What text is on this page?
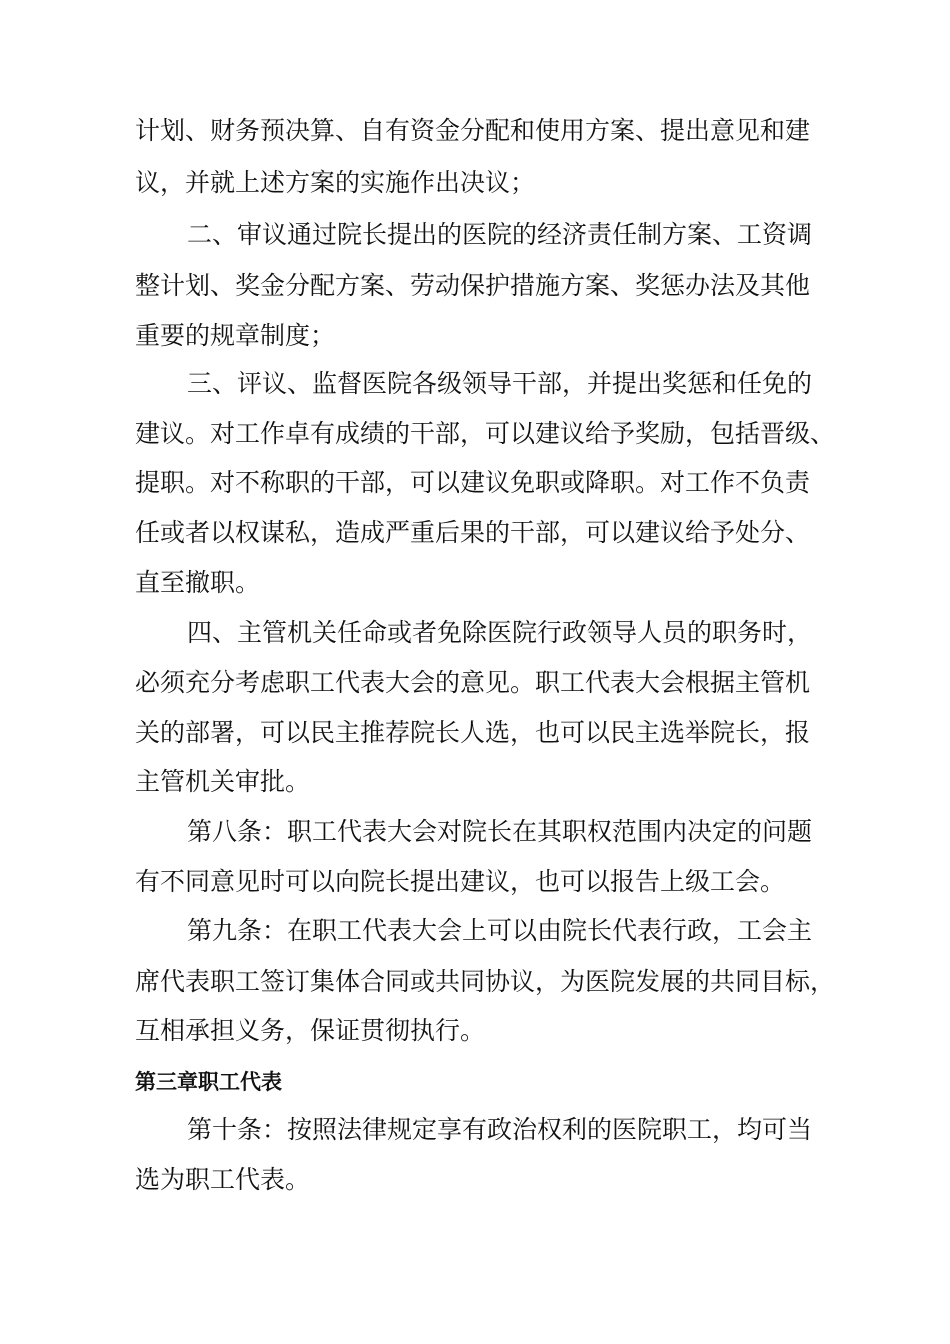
计划、财务预决算、自有资金分配和使用方案、提出意见和建
议，并就上述方案的实施作出决议；
二、审议通过院长提出的医院的经济责任制方案、工资调
整计划、奖金分配方案、劳动保护措施方案、奖惩办法及其他
重要的规章制度；
三、评议、监督医院各级领导干部，并提出奖惩和任免的
建议。对工作卓有成绩的干部，可以建议给予奖励，包括晋级、
提职。对不称职的干部，可以建议免职或降职。对工作不负责
任或者以权谋私，造成严重后果的干部，可以建议给予处分、
直至撤职。
四、主管机关任命或者免除医院行政领导人员的职务时，
必须充分考虑职工代表大会的意见。职工代表大会根据主管机
关的部署，可以民主推荐院长人选，也可以民主选举院长，报
主管机关审批。
第八条：职工代表大会对院长在其职权范围内决定的问题
有不同意见时可以向院长提出建议，也可以报告上级工会。
第九条：在职工代表大会上可以由院长代表行政，工会主
席代表职工签订集体合同或共同协议，为医院发展的共同目标，
互相承担义务，保证贯彻执行。
第三章职工代表
第十条：按照法律规定享有政治权利的医院职工，均可当
选为职工代表。
